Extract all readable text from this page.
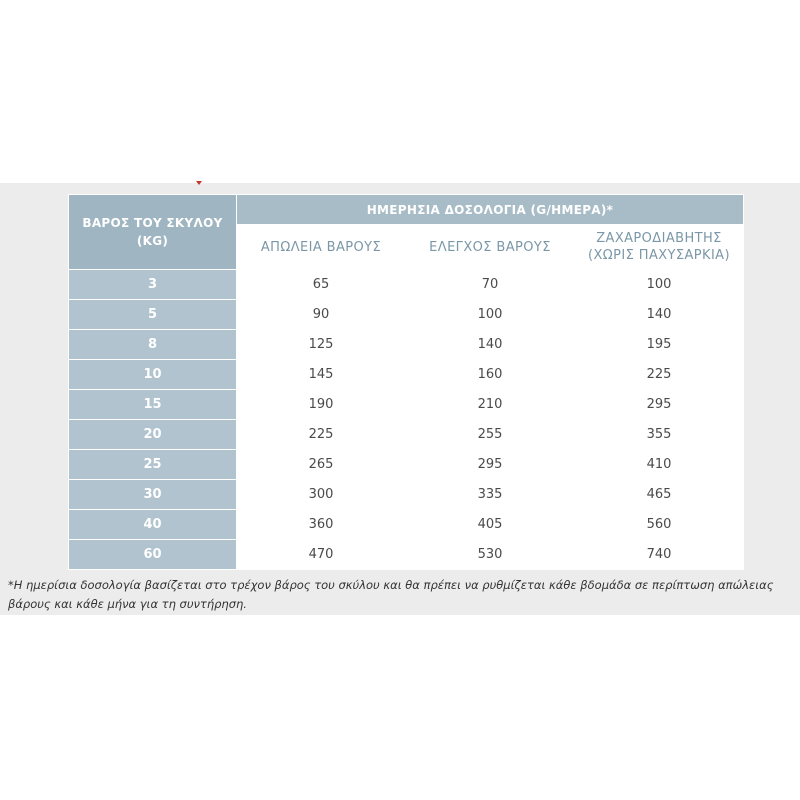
ΒΑΡΟΣ ΤΟΥ ΣΚΥΛΟΥ (KG)	ΗΜΕΡΗΣΙΑ ΔΟΣΟΛΟΓΙΑ (G/ΗΜΕΡΑ)*		
	ΑΠΩΛΕΙΑ ΒΑΡΟΥΣ	ΕΛΕΓΧΟΣ ΒΑΡΟΥΣ	ΖΑΧΑΡΟΔΙΑΒΗΤΗΣ (ΧΩΡΙΣ ΠΑΧΥΣΑΡΚΙΑ)
3	65	70	100
5	90	100	140
8	125	140	195
10	145	160	225
15	190	210	295
20	225	255	355
25	265	295	410
30	300	335	465
40	360	405	560
60	470	530	740
*Η ημερίσια δοσολογία βασίζεται στο τρέχον βάρος του σκύλου και θα πρέπει να ρυθμίζεται κάθε βδομάδα σε περίπτωση απώλειας βάρους και κάθε μήνα για τη συντήρηση.
